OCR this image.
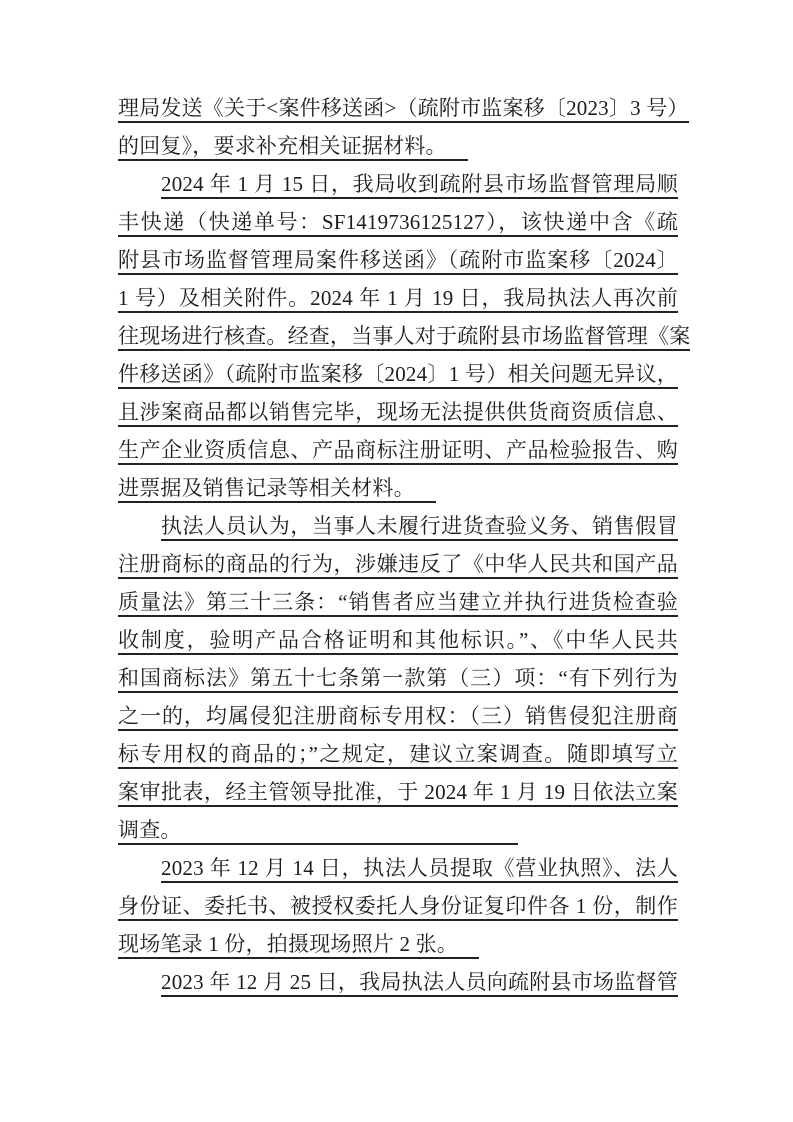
理局发送《关于<案件移送函>（疏附市监案移〔2023〕3 号）
的回复》，要求补充相关证据材料。
2024 年 1 月 15 日，我局收到疏附县市场监督管理局顺
丰快递（快递单号：SF1419736125127），该快递中含《疏
附县市场监督管理局案件移送函》（疏附市监案移〔2024〕
1 号）及相关附件。2024 年 1 月 19 日，我局执法人再次前
往现场进行核查。经查，当事人对于疏附县市场监督管理《案
件移送函》（疏附市监案移〔2024〕1 号）相关问题无异议，
且涉案商品都以销售完毕，现场无法提供供货商资质信息、
生产企业资质信息、产品商标注册证明、产品检验报告、购
进票据及销售记录等相关材料。
执法人员认为，当事人未履行进货查验义务、销售假冒
注册商标的商品的行为，涉嫌违反了《中华人民共和国产品
质量法》第三十三条：“销售者应当建立并执行进货检查验
收制度，验明产品合格证明和其他标识。”、《中华人民共
和国商标法》第五十七条第一款第（三）项：“有下列行为
之一的，均属侵犯注册商标专用权：（三）销售侵犯注册商
标专用权的商品的；”之规定，建议立案调查。随即填写立
案审批表，经主管领导批准，于 2024 年 1 月 19 日依法立案
调查。
2023 年 12 月 14 日，执法人员提取《营业执照》、法人
身份证、委托书、被授权委托人身份证复印件各 1 份，制作
现场笔录 1 份，拍摄现场照片 2 张。
2023 年 12 月 25 日，我局执法人员向疏附县市场监督管
